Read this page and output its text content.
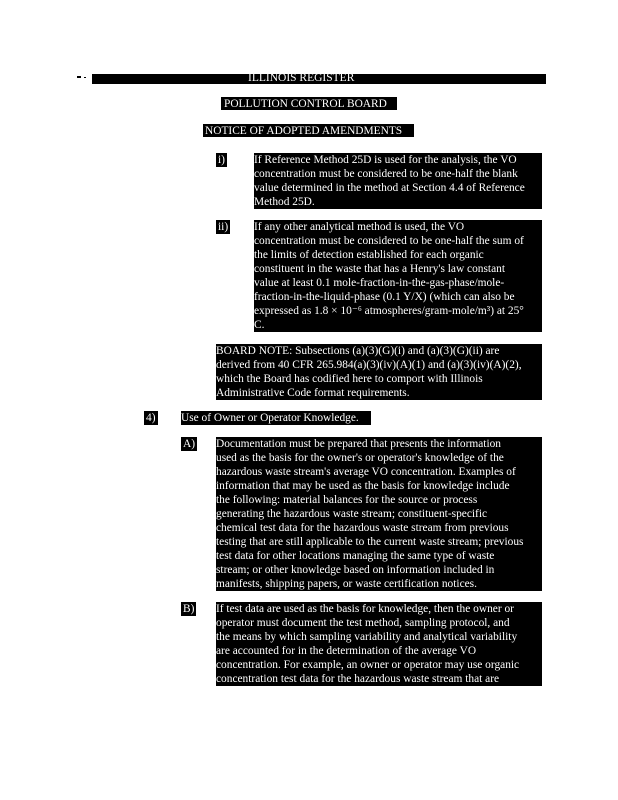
ILLINOIS REGISTER
POLLUTION CONTROL BOARD
NOTICE OF ADOPTED AMENDMENTS
i)	If Reference Method 25D is used for the analysis, the VO
concentration must be considered to be one-half the blank
value determined in the method at Section 4.4 of Reference
Method 25D.
ii) If any other analytical method is used, the VO
concentration must be considered to be one-half the sum of
the limits of detection established for each organic
constituent in the waste that has a Henry's law constant
value at least 0.1 mole-fraction-in-the-gas-phase/mole-
fraction-in-the-liquid-phase (0.1 Y/X) (which can also be
expressed as 1.8 × 10⁻⁶ atmospheres/gram-mole/m³) at 25°
C.
BOARD NOTE: Subsections (a)(3)(G)(i) and (a)(3)(G)(ii) are
derived from 40 CFR 265.984(a)(3)(iv)(A)(1) and (a)(3)(iv)(A)(2),
which the Board has codified here to comport with Illinois
Administrative Code format requirements.
4) Use of Owner or Operator Knowledge.
A) Documentation must be prepared that presents the information
used as the basis for the owner's or operator's knowledge of the
hazardous waste stream's average VO concentration. Examples of
information that may be used as the basis for knowledge include
the following: material balances for the source or process
generating the hazardous waste stream; constituent-specific
chemical test data for the hazardous waste stream from previous
testing that are still applicable to the current waste stream; previous
test data for other locations managing the same type of waste
stream; or other knowledge based on information included in
manifests, shipping papers, or waste certification notices.
B) If test data are used as the basis for knowledge, then the owner or
operator must document the test method, sampling protocol, and
the means by which sampling variability and analytical variability
are accounted for in the determination of the average VO
concentration. For example, an owner or operator may use organic
concentration test data for the hazardous waste stream that are
